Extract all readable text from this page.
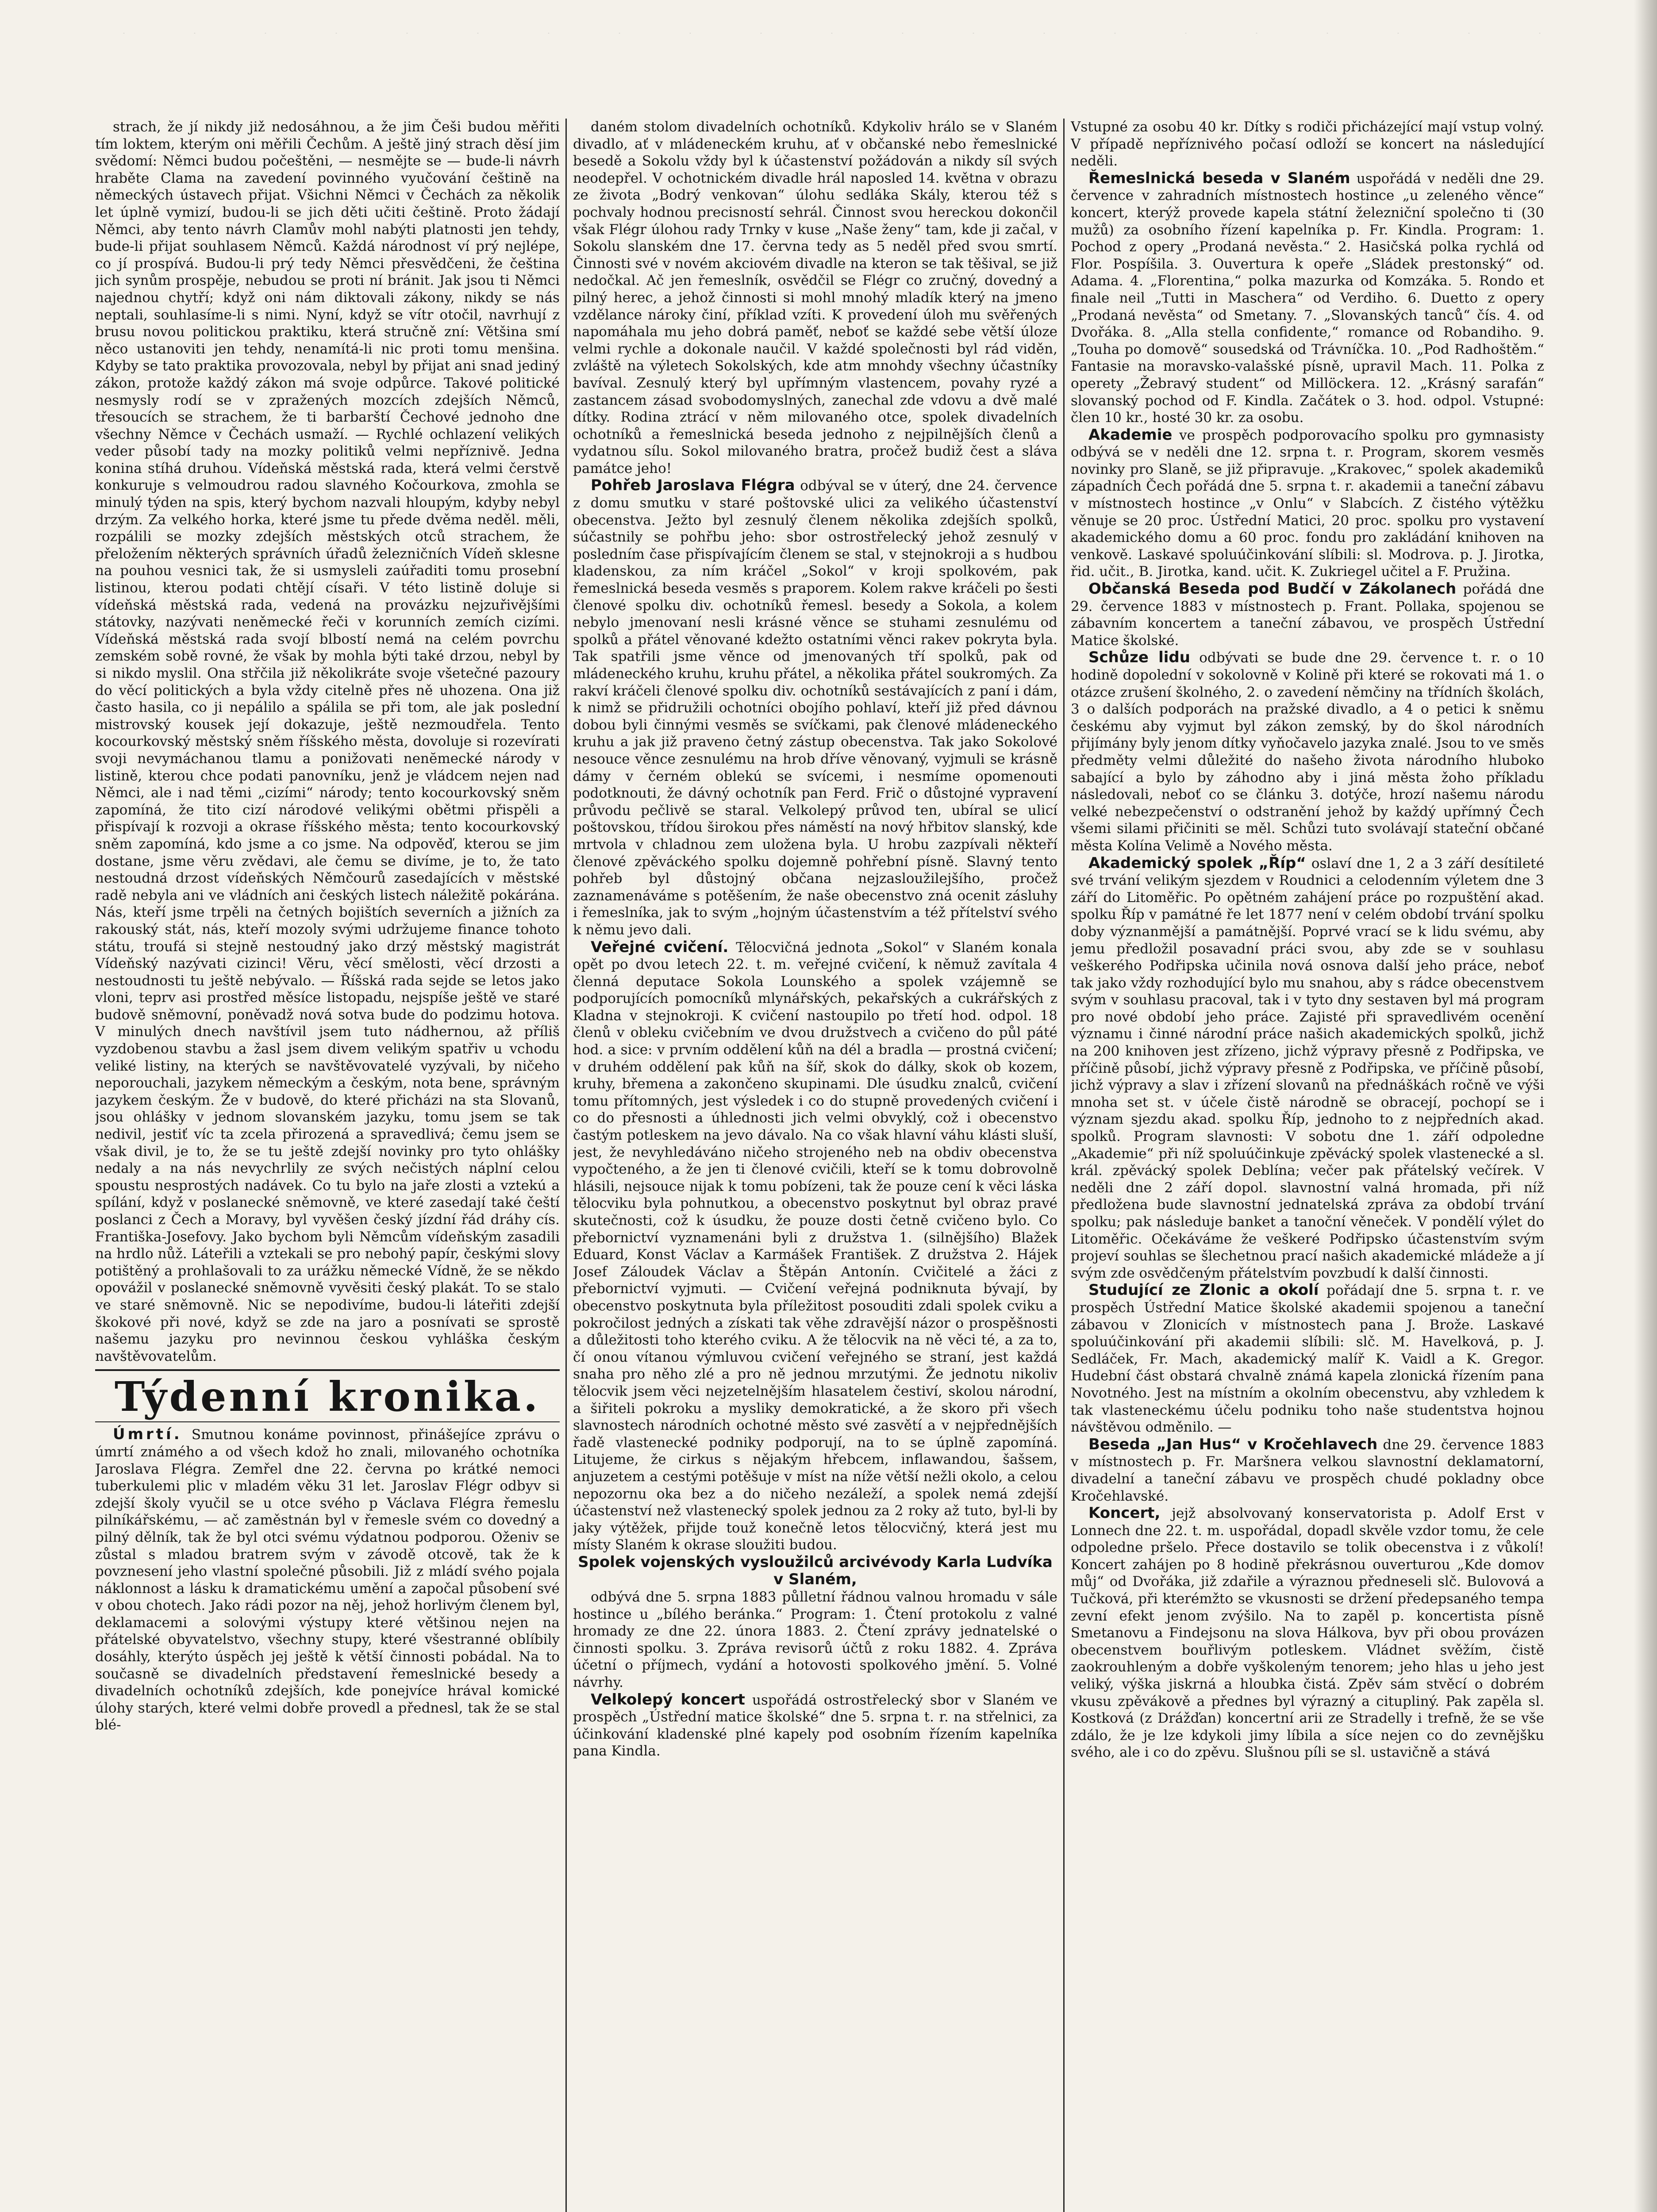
strach, že jí nikdy již nedosáhnou, a že jim Češi budou měřiti tím loktem, kterým oni měřili Čechům. A ještě jiný strach děsí jim svědomí: Němci budou počeštěni, — nesmějte se — bude-li návrh hraběte Clama na zavedení povinného vyučování češtině na německých ústavech přijat. Všichni Němci v Čechách za několik let úplně vymizí, budou-li se jich děti učiti češtině. Proto žádají Němci, aby tento návrh Clamův mohl nabýti platnosti jen tehdy, bude-li přijat souhlasem Němců. Každá národnost ví prý nejlépe, co jí prospívá. Budou-li prý tedy Němci přesvědčeni, že čeština jich synům prospěje, nebudou se proti ní bránit. Jak jsou ti Němci najednou chytří; když oni nám diktovali zákony, nikdy se nás neptali, souhlasíme-li s nimi. Nyní, když se vítr otočil, navrhují z brusu novou politickou praktiku, která stručně zní: Většina smí něco ustanoviti jen tehdy, nenamítá-li nic proti tomu menšina. Kdyby se tato praktika provozovala, nebyl by přijat ani snad jediný zákon, protože každý zákon má svoje odpůrce. Takové politické nesmysly rodí se v zpražených mozcích zdejších Němců, třesoucích se strachem, že ti barbarští Čechové jednoho dne všechny Němce v Čechách usmaží. — Rychlé ochlazení velikých veder působí tady na mozky politiků velmi nepříznivě. Jedna konina stíhá druhou. Vídeňská městská rada, která velmi čerstvě konkuruje s velmoudrou radou slavného Kočourkova, zmohla se minulý týden na spis, který bychom nazvali hloupým, kdyby nebyl drzým. Za velkého horka, které jsme tu přede dvěma neděl. měli, rozpálili se mozky zdejších městských otců strachem, že přeložením některých správních úřadů železničních Vídeň sklesne na pouhou vesnici tak, že si usmysleli zaúřaditi tomu prosební listinou, kterou podati chtějí císaři. V této listině doluje si vídeňská městská rada, vedená na provázku nejzuřivějšími státovky, nazývati neněmecké řeči v korunních zemích cizími. Vídeňská městská rada svojí blbostí nemá na celém povrchu zemském sobě rovné, že však by mohla býti také drzou, nebyl by si nikdo myslil. Ona střčila již několikráte svoje všetečné pazoury do věcí politických a byla vždy citelně přes ně uhozena. Ona již často hasila, co ji nepálilo a spálila se při tom, ale jak poslední mistrovský kousek její dokazuje, ještě nezmoudřela. Tento kocourkovský městský sněm říšského města, dovoluje si rozevírati svoji nevymáchanou tlamu a ponižovati nenĕmecké národy v listině, kterou chce podati panovníku, jenž je vládcem nejen nad Němci, ale i nad těmi „cizími“ národy; tento kocourkovský sněm zapomíná, že tito cizí národové velikými obětmi přispěli a přispívají k rozvoji a okrase říšského města; tento kocourkovský sněm zapomíná, kdo jsme a co jsme. Na odpověď, kterou se jim dostane, jsme věru zvědavi, ale čemu se divíme, je to, že tato nestoudná drzost vídeňských Němčourů zasedajících v městské radě nebyla ani ve vládních ani českých listech náležitě pokárána. Nás, kteří jsme trpěli na četných bojištích severních a jižních za rakouský stát, nás, kteří mozoly svými udržujeme finance tohoto státu, troufá si stejně nestoudný jako drzý městský magistrát Vídeňský nazývati cizinci! Věru, věcí smělosti, věcí drzosti a nestoudnosti tu ještě nebývalo. — Říšská rada sejde se letos jako vloni, teprv asi prostřed měsíce listopadu, nejspíše ještě ve staré budově sněmovní, poněvadž nová sotva bude do podzimu hotova. V minulých dnech navštívil jsem tuto nádhernou, až příliš vyzdobenou stavbu a žasl jsem divem velikým spatřiv u vchodu veliké listiny, na kterých se navštěvovatelé vyzývali, by ničeho neporouchali, jazykem německým a českým, nota bene, správným jazykem českým. Že v budově, do které přicházi na sta Slovanů, jsou ohlášky v jednom slovanském jazyku, tomu jsem se tak nedivil, jestiť víc ta zcela přirozená a spravedlivá; čemu jsem se však divil, je to, že se tu ještě zdejší novinky pro tyto ohlášky nedaly a na nás nevychrlily ze svých nečistých náplní celou spoustu nesprostých nadávek. Co tu bylo na jaře zlosti a vztekú a spílání, když v poslanecké sněmovně, ve které zasedají také čeští poslanci z Čech a Moravy, byl vyvěšen český jízdní řád dráhy cís. Františka-Josefovy. Jako bychom byli Němcům vídeňským zasadili na hrdlo nůž. Láteřili a vztekali se pro nebohý papír, českými slovy potištěný a prohlašovali to za urážku německé Vídně, že se někdo opovážil v poslanecké sněmovně vyvěsiti český plakát. To se stalo ve staré sněmovně. Nic se nepodivíme, budou-li láteřiti zdejší škokové při nové, když se zde na jaro a posnívati se sprostě našemu jazyku pro nevinnou českou vyhláška českým navštěvovatelům.

Týdenní kronika.

Úmrtí. Smutnou konáme povinnost, přinášejíce zprávu o úmrtí známého a od všech kdož ho znali, milovaného ochotníka Jaroslava Flégra. Zemřel dne 22. června po krátké nemoci tuberkulemi plic v mladém věku 31 let. Jaroslav Flégr odbyv si zdejší školy vyučil se u otce svého p Václava Flégra řemeslu pilníkářskému, — ač zaměstnán byl v řemesle svém co dovedný a pilný dělník, tak že byl otci svému výdatnou podporou. Oženiv se zůstal s mladou bratrem svým v závodě otcově, tak že k povznesení jeho vlastní společné působili. Již z mládí svého pojala náklonnost a lásku k dramatickému umění a započal působení své v obou chotech. Jako rádi pozor na něj, jehož horlivým členem byl, deklamacemi a solovými výstupy které většinou nejen na přátelské obyvatelstvo, všechny stupy, které všestranné oblíbily dosáhly, kterýto úspěch jej ještě k větší činnosti pobádal. Na to současně se divadelních představení řemeslnické besedy a divadelních ochotníků zdejších, kde ponejvíce hrával komické úlohy starých, které velmi dobře provedl a přednesl, tak že se stal blé-

daném stolom divadelních ochotníků. Kdykoliv hrálo se v Slaném divadlo, ať v mládeneckém kruhu, ať v občanské nebo řemeslnické besedě a Sokolu vždy byl k účastenství požádován a nikdy síl svých neodepřel. V ochotnickém divadle hrál naposled 14. května v obrazu ze života „Bodrý venkovan“ úlohu sedláka Skály, kterou též s pochvaly hodnou precisností sehrál. Činnost svou hereckou dokončil však Flégr úlohou rady Trnky v kuse „Naše ženy“ tam, kde ji začal, v Sokolu slanském dne 17. června tedy as 5 neděl před svou smrtí. Činnosti své v novém akciovém divadle na kteron se tak těšival, se již nedočkal. Ač jen řemeslník, osvědčil se Flégr co zručný, dovedný a pilný herec, a jehož činnosti si mohl mnohý mladík který na jmeno vzdělance nároky činí, příklad vzíti. K provedení úloh mu svěřených napomáhala mu jeho dobrá paměť, neboť se každé sebe větší úloze velmi rychle a dokonale naučil. V každé společnosti byl rád viděn, zvláště na výletech Sokolských, kde atm mnohdy všechny účastníky bavíval. Zesnulý který byl upřímným vlastencem, povahy ryzé a zastancem zásad svobodomyslných, zanechal zde vdovu a dvě malé dítky. Rodina ztrácí v něm milovaného otce, spolek divadelních ochotníků a řemeslnická beseda jednoho z nejpilnějších členů a vydatnou sílu. Sokol milovaného bratra, pročež budiž čest a sláva památce jeho!

Pohřeb Jaroslava Flégra odbýval se v úterý, dne 24. července z domu smutku v staré poštovské ulici za velikého účastenství obecenstva. Ježto byl zesnulý členem několika zdejších spolků, súčastnily se pohřbu jeho: sbor ostrostřelecký jehož zesnulý v posledním čase přispívajícím členem se stal, v stejnokroji a s hudbou kladenskou, za ním kráčel „Sokol“ v kroji spolkovém, pak řemeslnická beseda vesměs s praporem. Kolem rakve kráčeli po šesti členové spolku div. ochotníků řemesl. besedy a Sokola, a kolem nebylo jmenovaní nesli krásné věnce se stuhami zesnulému od spolků a přátel věnované kdežto ostatními věnci rakev pokryta byla. Tak spatřili jsme věnce od jmenovaných tří spolků, pak od mládeneckého kruhu, kruhu přátel, a několika přátel soukromých. Za rakví kráčeli členové spolku div. ochotníků sestávajících z paní i dám, k nimž se přidružili ochotníci obojího pohlaví, kteří již před dávnou dobou byli činnými vesměs se svíčkami, pak členové mládeneckého kruhu a jak již praveno četný zástup obecenstva. Tak jako Sokolové nesouce věnce zesnulému na hrob dříve věnovaný, vyjmuli se krásně dámy v černém oblekú se svícemi, i nesmíme opomenouti podotknouti, že dávný ochotník pan Ferd. Frič o důstojné vypravení průvodu pečlivě se staral. Velkolepý průvod ten, ubíral se ulicí poštovskou, třídou širokou přes náměstí na nový hřbitov slanský, kde mrtvola v chladnou zem uložena byla. U hrobu zazpívali někteří členové zpěváckého spolku dojemně pohřební písně. Slavný tento pohřeb byl důstojný občana nejzasloužilejšího, pročež zaznamenáváme s potěšením, že naše obecenstvo zná ocenit zásluhy i řemeslníka, jak to svým „hojným účastenstvím a též přítelství svého k němu jevo dali.

Veřejné cvičení. Tělocvičná jednota „Sokol“ v Slaném konala opět po dvou letech 22. t. m. veřejné cvičení, k němuž zavítala 4 členná deputace Sokola Lounského a spolek vzájemně se podporujících pomocníků mlynářských, pekařských a cukrářských z Kladna v stejnokroji. K cvičení nastoupilo po třetí hod. odpol. 18 členů v obleku cvičebním ve dvou družstvech a cvičeno do půl páté hod. a sice: v prvním oddělení kůň na dél a bradla — prostná cvičení; v druhém oddělení pak kůň na šíř, skok do dálky, skok ob kozem, kruhy, břemena a zakončeno skupinami. Dle úsudku znalců, cvičení tomu přítomných, jest výsledek i co do stupně provedených cvičení i co do přesnosti a úhlednosti jich velmi obvyklý, což i obecenstvo častým potleskem na jevo dávalo. Na co však hlavní váhu klásti sluší, jest, že nevyhledáváno ničeho strojeného neb na obdiv obecenstva vypočteného, a že jen ti členové cvičili, kteří se k tomu dobrovolně hlásili, nejsouce nijak k tomu pobízeni, tak že pouze cení k věci láska tělocviku byla pohnutkou, a obecenstvo poskytnut byl obraz pravé skutečnosti, což k úsudku, že pouze dosti četně cvičeno bylo. Co přebornictví vyznamenáni byli z družstva 1. (silnějšího) Blažek Eduard, Konst Václav a Karmášek František. Z družstva 2. Hájek Josef Záloudek Václav a Štěpán Antonín. Cvičitelé a žáci z přebornictví vyjmuti. — Cvičení veřejná podniknuta bývají, by obecenstvo poskytnuta byla příležitost posouditi zdali spolek cviku a pokročilost jedných a získati tak věhe zdravější názor o prospěšnosti a důležitosti toho kterého cviku. A že tělocvik na ně věci té, a za to, čí onou vítanou výmluvou cvičení veřejného se straní, jest každá snaha pro něho zlé a pro ně jednou mrzutými. Že jednotu nikoliv tělocvik jsem věci nejzetelnějším hlasatelem čestiví, skolou národní, a šiřiteli pokroku a mysliky demokratické, a že skoro při všech slavnostech národních ochotné město své zasvětí a v nejpřednějších řadě vlastenecké podniky podporují, na to se úplně zapomíná. Litujeme, že cirkus s nějakým hřebcem, inflawandou, šašsem, anjuzetem a cestými potěšuje v míst na níže větší nežli okolo, a celou nepozornu oka bez a do ničeho nezáleží, a spolek nemá zdejší účastenství než vlastenecký spolek jednou za 2 roky až tuto, byl-li by jaky výtěžek, přijde touž konečně letos tělocvičný, která jest mu místy Slaném k okrase sloužiti budou.

Spolek vojenských vysloužilců arcivévody Karla Ludvíka v Slaném,

odbývá dne 5. srpna 1883 půlletní řádnou valnou hromadu v sále hostince u „bílého beránka.“ Program: 1. Čtení protokolu z valné hromady ze dne 22. února 1883. 2. Čtení zprávy jednatelské o činnosti spolku. 3. Zpráva revisorů účtů z roku 1882. 4. Zpráva účetní o příjmech, vydání a hotovosti spolkového jmění. 5. Volné návrhy.

Velkolepý koncert uspořádá ostrostřelecký sbor v Slaném ve prospěch „Ústřední matice školské“ dne 5. srpna t. r. na střelnici, za účinkování kladenské plné kapely pod osobním řízením kapelníka pana Kindla.

Vstupné za osobu 40 kr. Dítky s rodiči přicházející mají vstup volný. V případě nepříznivého počasí odloží se koncert na následující neděli.

Řemeslnická beseda v Slaném uspořádá v neděli dne 29. července v zahradních místnostech hostince „u zeleného věnce“ koncert, kterýž provede kapela státní železniční společno ti (30 mužů) za osobního řízení kapelníka p. Fr. Kindla. Program: 1. Pochod z opery „Prodaná nevěsta.“ 2. Hasičská polka rychlá od Flor. Pospíšila. 3. Ouvertura k opeře „Sládek prestonský“ od. Adama. 4. „Florentina,“ polka mazurka od Komzáka. 5. Rondo et finale neil „Tutti in Maschera“ od Verdiho. 6. Duetto z opery „Prodaná nevěsta“ od Smetany. 7. „Slovanských tanců“ čís. 4. od Dvořáka. 8. „Alla stella confidente,“ romance od Robandiho. 9. „Touha po domově“ sousedská od Trávníčka. 10. „Pod Radhoštěm.“ Fantasie na moravsko-valašské písně, upravil Mach. 11. Polka z operety „Žebravý student“ od Millöckera. 12. „Krásný sarafán“ slovanský pochod od F. Kindla. Začátek o 3. hod. odpol. Vstupné: člen 10 kr., hosté 30 kr. za osobu.

Akademie ve prospěch podporovacího spolku pro gymnasisty odbývá se v neděli dne 12. srpna t. r. Program, skorem vesměs novinky pro Slaně, se již připravuje. „Krakovec,“ spolek akademiků západních Čech pořádá dne 5. srpna t. r. akademii a taneční zábavu v místnostech hostince „v Onlu“ v Slabcích. Z čistého výtěžku věnuje se 20 proc. Ústřední Matici, 20 proc. spolku pro vystavení akademického domu a 60 proc. fondu pro zakládání knihoven na venkově. Laskavé spoluúčinkování slíbili: sl. Modrova. p. J. Jirotka, řid. učit., B. Jirotka, kand. učit. K. Zukriegel učitel a F. Pružina.

Občanská Beseda pod Budčí v Zákolanech pořádá dne 29. července 1883 v místnostech p. Frant. Pollaka, spojenou se zábavním koncertem a taneční zábavou, ve prospěch Ústřední Matice školské.

Schůze lidu odbývati se bude dne 29. července t. r. o 10 hodině dopolední v sokolovně v Kolině při které se rokovati má 1. o otázce zrušení školného, 2. o zavedení němčiny na třídních školách, 3 o dalších podporách na pražské divadlo, a 4 o petici k sněmu českému aby vyjmut byl zákon zemský, by do škol národních přijímány byly jenom dítky vyňočavelo jazyka znalé. Jsou to ve směs předměty velmi důležité do našeho života národního hluboko sabající a bylo by záhodno aby i jiná města žoho příkladu následovali, neboť co se článku 3. dotýče, hrozí našemu národu velké nebezpečenství o odstranění jehož by každý upřímný Čech všemi silami přičiniti se měl. Schůzi tuto svolávají stateční občané města Kolína Velimě a Nového města.

Akademický spolek „Říp“ oslaví dne 1, 2 a 3 září desítileté své trvání velikým sjezdem v Roudnici a celodenním výletem dne 3 září do Litoměřic. Po opětném zahájení práce po rozpuštění akad. spolku Říp v památné ře let 1877 není v celém období trvání spolku doby význanmější a památnější. Poprvé vrací se k lidu svému, aby jemu předložil posavadní práci svou, aby zde se v souhlasu veškerého Podřipska učinila nová osnova další jeho práce, neboť tak jako vždy rozhodující bylo mu snahou, aby s rádce obecenstvem svým v souhlasu pracoval, tak i v tyto dny sestaven byl má program pro nové období jeho práce. Zajisté při spravedlivém ocenění významu i činné národní práce našich akademických spolků, jichž na 200 knihoven jest zřízeno, jichž výpravy přesně z Podřipska, ve příčině působí, jichž výpravy přesně z Podřipska, ve příčině působí, jichž výpravy a slav i zřízení slovanů na přednáškách ročně ve výši mnoha set st. v účele čistě národně se obracejí, pochopí se i význam sjezdu akad. spolku Říp, jednoho to z nejpředních akad. spolků. Program slavnosti: V sobotu dne 1. září odpoledne „Akademie“ při níž spoluúčinkuje zpěvácký spolek vlastenecké a sl. král. zpěvácký spolek Deblína; večer pak přátelský večírek. V neděli dne 2 září dopol. slavnostní valná hromada, při níž předložena bude slavnostní jednatelská zpráva za období trvání spolku; pak následuje banket a tanoční věneček. V pondělí výlet do Litoměřic. Očekáváme že veškeré Podřipsko účastenstvím svým projeví souhlas se šlechetnou prací našich akademické mládeže a jí svým zde osvědčeným přátelstvím povzbudí k další činnosti.

Studující ze Zlonic a okolí pořádají dne 5. srpna t. r. ve prospěch Ústřední Matice školské akademii spojenou a taneční zábavou v Zlonicích v místnostech pana J. Brože. Laskavé spoluúčinkování při akademii slíbili: slč. M. Havelková, p. J. Sedláček, Fr. Mach, akademický malíř K. Vaidl a K. Gregor. Hudební část obstará chvalně známá kapela zlonická řízením pana Novotného. Jest na místním a okolním obecenstvu, aby vzhledem k tak vlasteneckému účelu podniku toho naše studentstva hojnou návštěvou odměnilo. —

Beseda „Jan Hus“ v Kročehlavech dne 29. července 1883 v místnostech p. Fr. Maršnera velkou slavnostní deklamatorní, divadelní a taneční zábavu ve prospěch chudé pokladny obce Kročehlavské.

Koncert, jejž absolvovaný konservatorista p. Adolf Erst v Lonnech dne 22. t. m. uspořádal, dopadl skvěle vzdor tomu, že cele odpoledne pršelo. Přece dostavilo se tolik obecenstva i z vůkolí! Koncert zahájen po 8 hodině překrásnou ouverturou „Kde domov můj“ od Dvořáka, již zdařile a výraznou předneseli slč. Bulovová a Tučková, při kterémžto se vkusnosti se držení předepsaného tempa zevní efekt jenom zvýšilo. Na to zapěl p. koncertista písně Smetanovu a Findejsonu na slova Hálkova, byv při obou provázen obecenstvem bouřlivým potleskem. Vládnet svěžím, čistě zaokrouhleným a dobře vyškoleným tenorem; jeho hlas u jeho jest veliký, výška jiskrná a hloubka čistá. Zpěv sám stvěcí o dobrém vkusu zpěvákově a přednes byl výrazný a citupliný. Pak zapěla sl. Kostková (z Drážďan) koncertní arii ze Stradelly i trefně, že se vše zdálo, že je lze kdykoli jimy líbila a síce nejen co do zevnějšku svého, ale i co do zpěvu. Slušnou píli se sl. ustavičně a stává
